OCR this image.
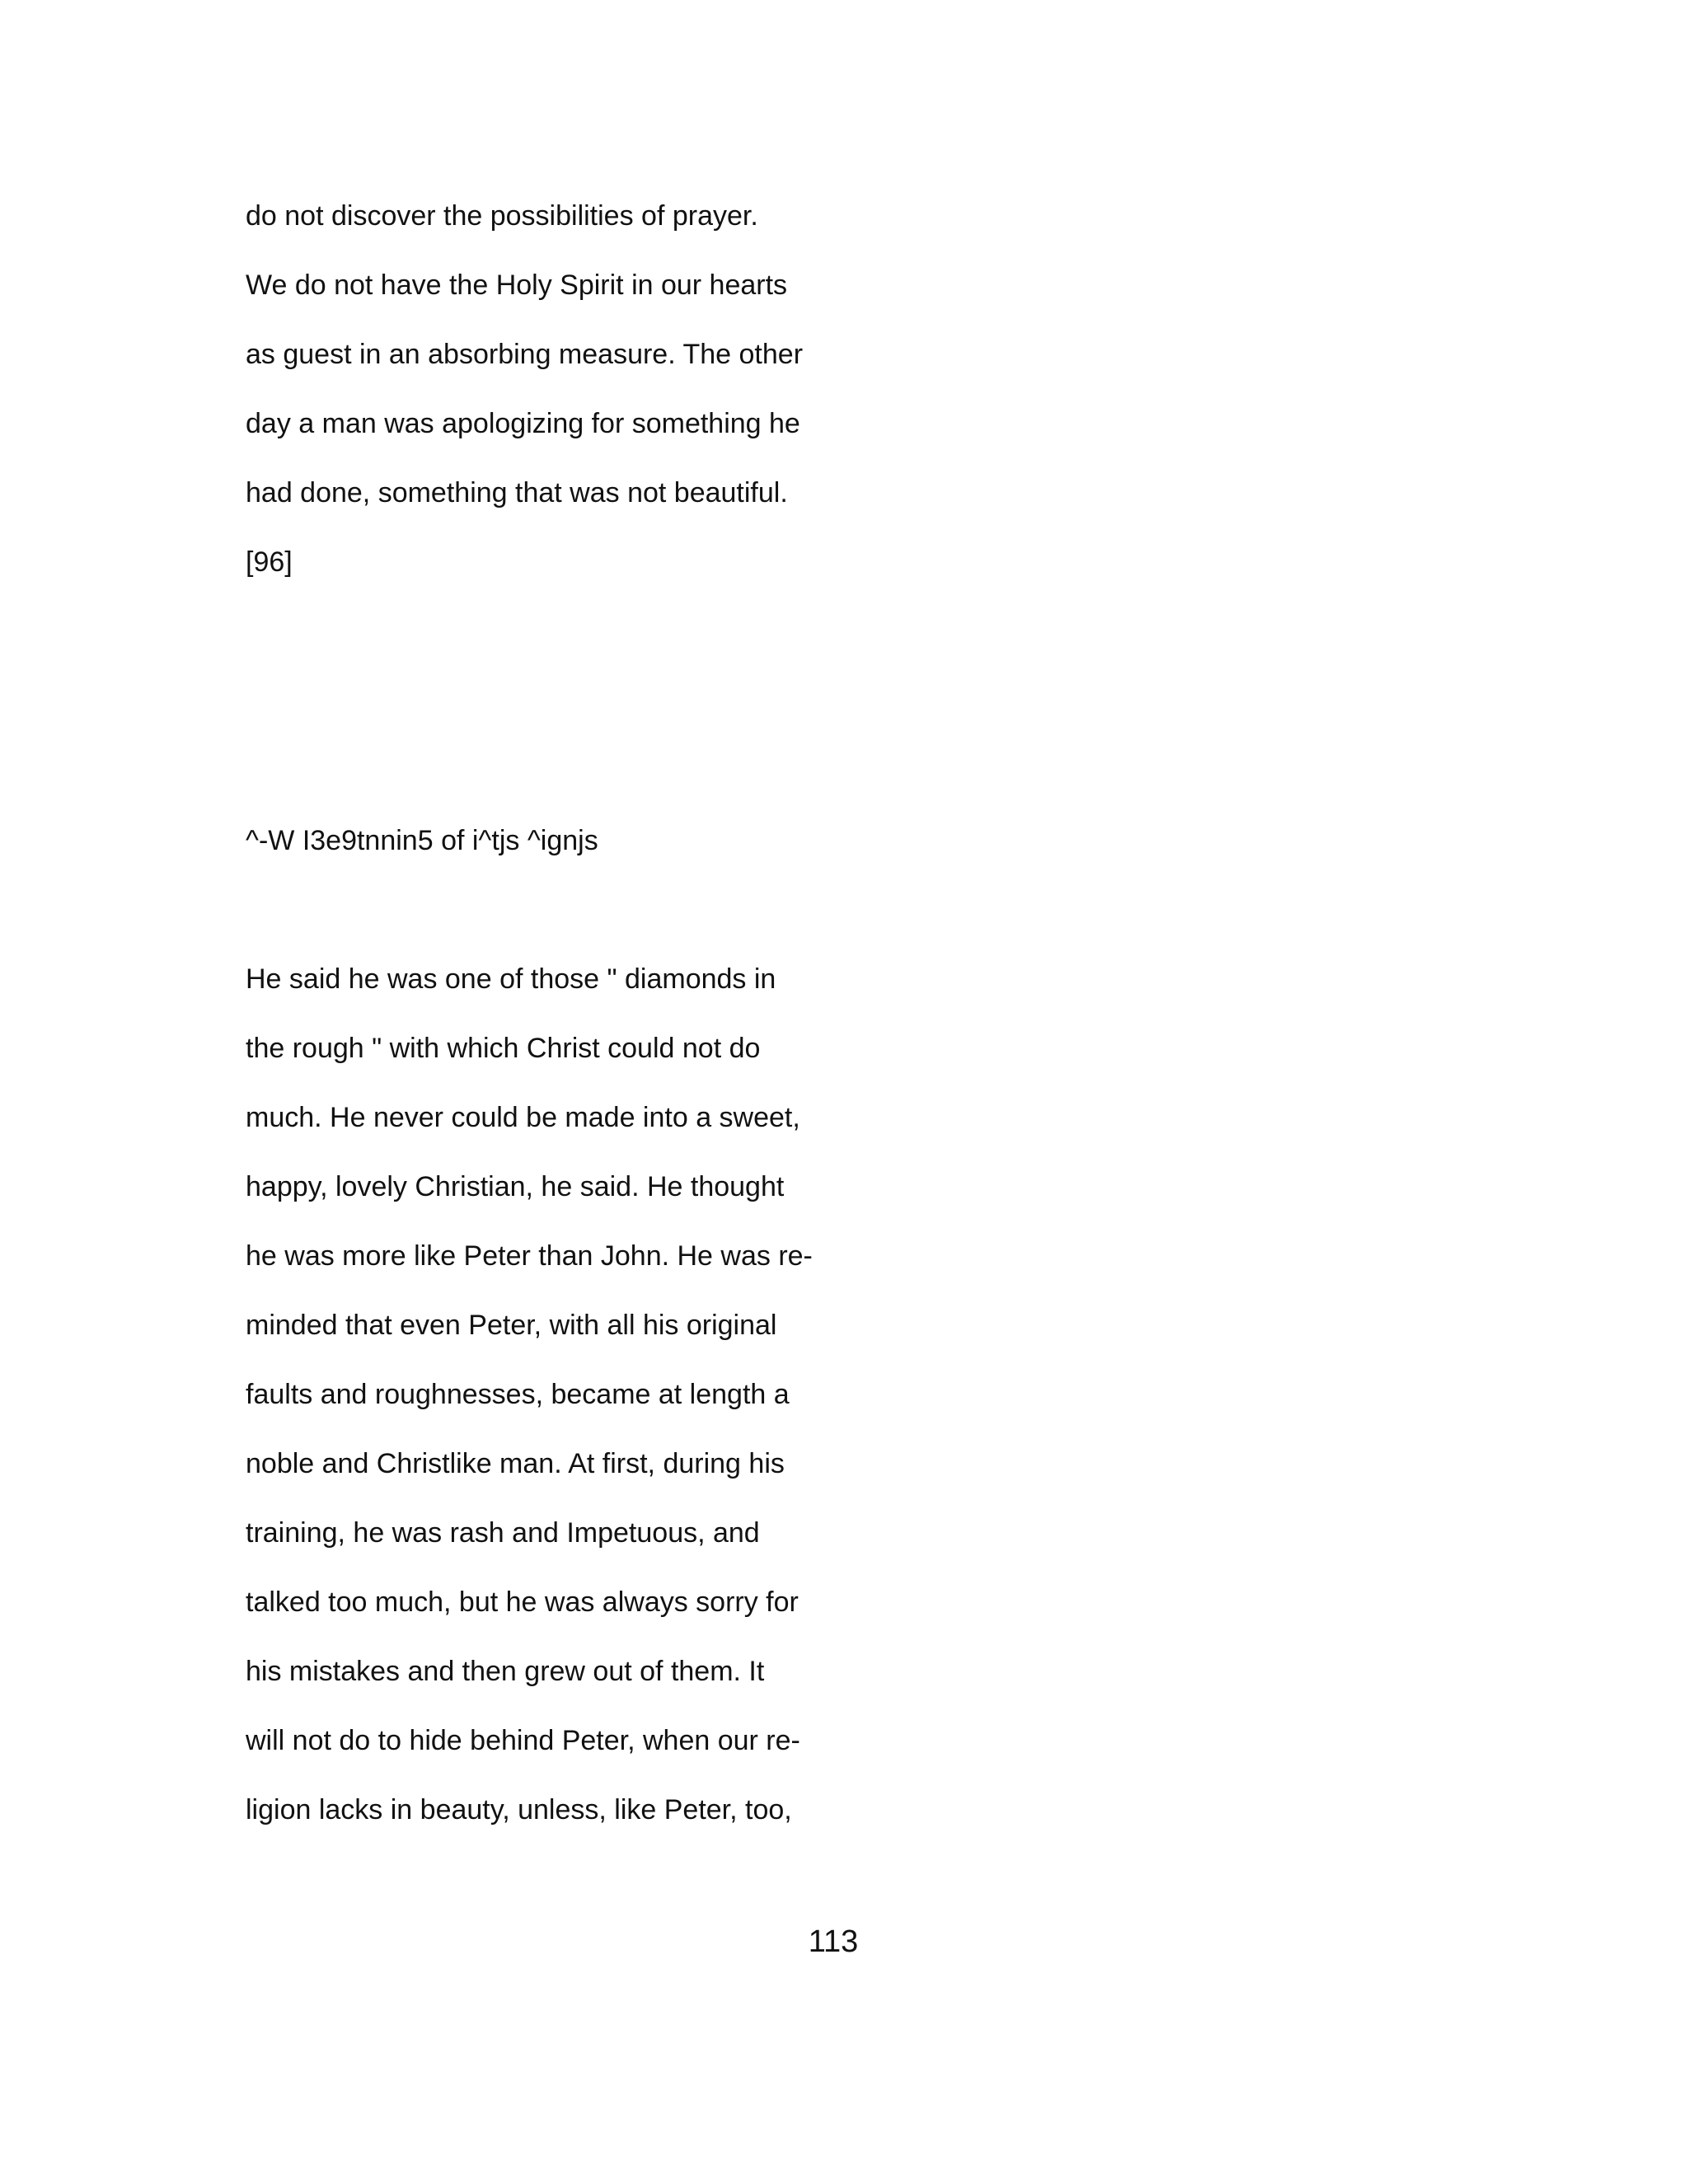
do not discover the possibilities of prayer.
We do not have the Holy Spirit in our hearts
as guest in an absorbing measure. The other
day a man was apologizing for something he
had done, something that was not beautiful.
[96]
^-W I3e9tnnin5 of i^tjs ^ignjs
He said he was one of those " diamonds in
the rough " with which Christ could not do
much. He never could be made into a sweet,
happy, lovely Christian, he said. He thought
he was more like Peter than John. He was re-
minded that even Peter, with all his original
faults and roughnesses, became at length a
noble and Christlike man. At first, during his
training, he was rash and Impetuous, and
talked too much, but he was always sorry for
his mistakes and then grew out of them. It
will not do to hide behind Peter, when our re-
ligion lacks in beauty, unless, like Peter, too,
113
